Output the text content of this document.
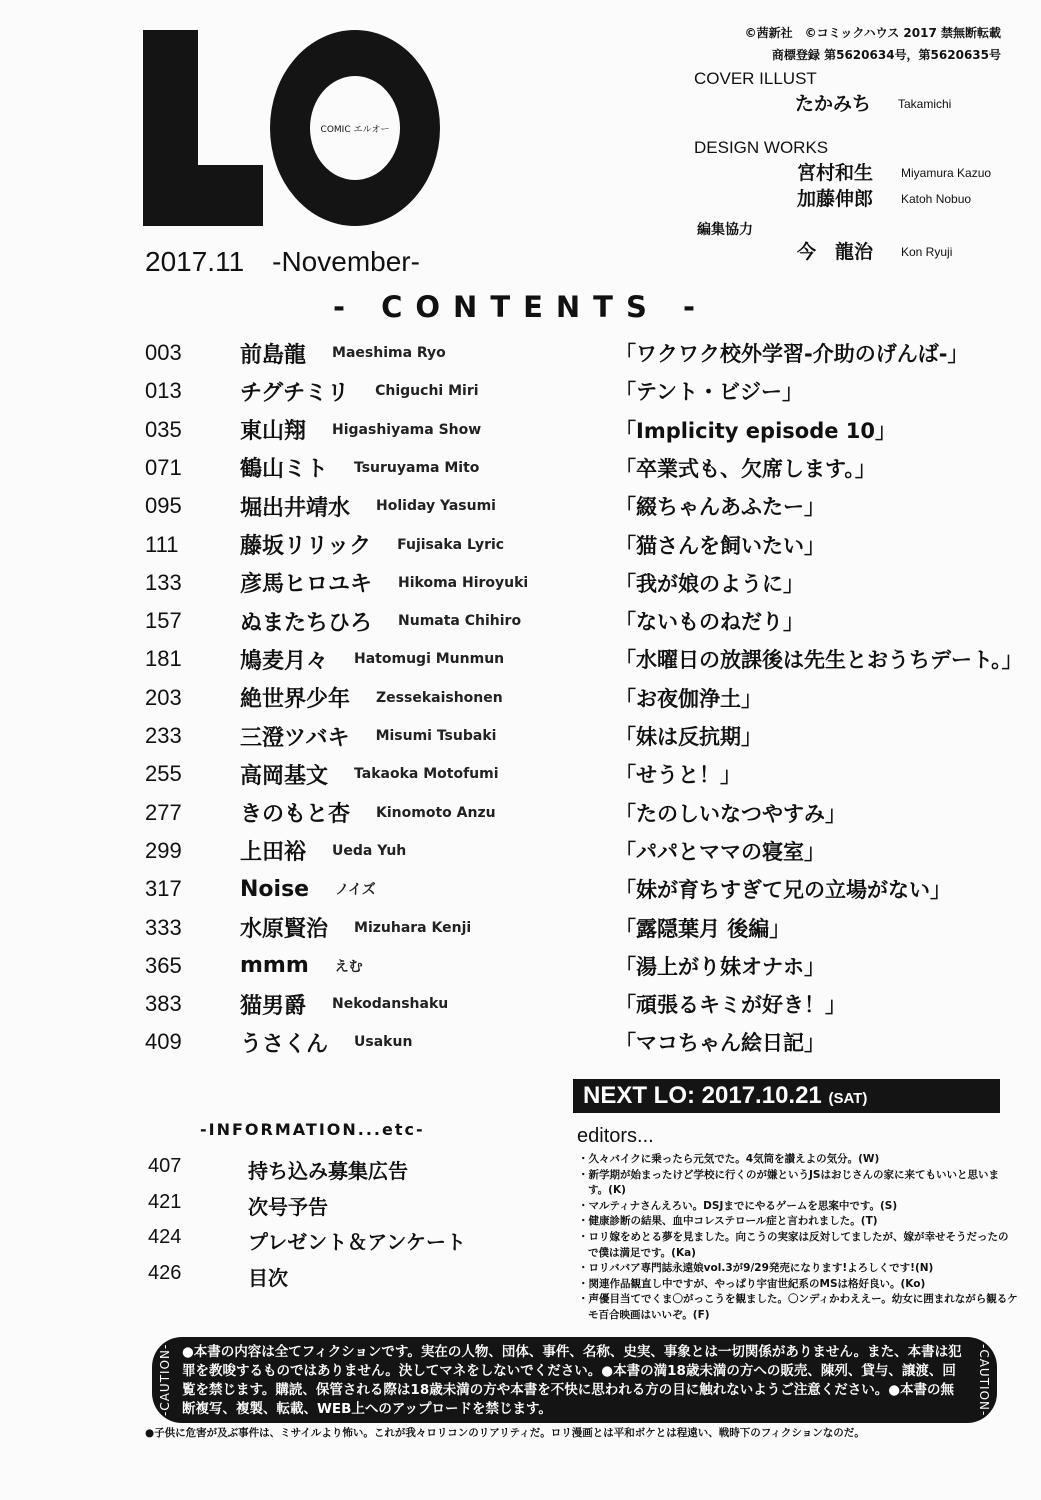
COMIC エルオー
2017.11　-November-
©茜新社　©コミックハウス 2017 禁無断転載
商標登録 第5620634号，第5620635号
COVER ILLUST
たかみち Takamichi
DESIGN WORKS
宮村和生 Miyamura Kazuo
加藤伸郎 Katoh Nobuo
編集協力
今　龍治 Kon Ryuji
- CONTENTS -
003	前島龍 Maeshima Ryo	「ワクワク校外学習-介助のげんば-」
013	チグチミリ Chiguchi Miri	「テント・ビジー」
035	東山翔 Higashiyama Show	「Implicity episode 10」
071	鶴山ミト Tsuruyama Mito	「卒業式も、欠席します。」
095	堀出井靖水 Holiday Yasumi	「綴ちゃんあふたー」
111	藤坂リリック Fujisaka Lyric	「猫さんを飼いたい」
133	彦馬ヒロユキ Hikoma Hiroyuki	「我が娘のように」
157	ぬまたちひろ Numata Chihiro	「ないものねだり」
181	鳩麦月々 Hatomugi Munmun	「水曜日の放課後は先生とおうちデート。」
203	絶世界少年 Zessekaishonen	「お夜伽浄土」
233	三澄ツバキ Misumi Tsubaki	「妹は反抗期」
255	高岡基文 Takaoka Motofumi	「せうと！」
277	きのもと杏 Kinomoto Anzu	「たのしいなつやすみ」
299	上田裕 Ueda Yuh	「パパとママの寝室」
317	Noise ノイズ	「妹が育ちすぎて兄の立場がない」
333	水原賢治 Mizuhara Kenji	「露隠葉月 後編」
365	mmm えむ	「湯上がり妹オナホ」
383	猫男爵 Nekodanshaku	「頑張るキミが好き！」
409	うさくん Usakun	「マコちゃん絵日記」
NEXT LO: 2017.10.21 (SAT)
-INFORMATION...etc-
407	持ち込み募集広告
421	次号予告
424	プレゼント＆アンケート
426	目次
editors...
・久々バイクに乗ったら元気でた。4気筒を讃えよの気分。(W)
・新学期が始まったけど学校に行くのが嫌というJSはおじさんの家に来てもいいと思います。(K)
・マルティナさんえろい。DSJまでにやるゲームを思案中です。(S)
・健康診断の結果、血中コレステロール症と言われました。(T)
・ロリ嫁をめとる夢を見ました。向こうの実家は反対してましたが、嫁が幸せそうだったので僕は満足です。(Ka)
・ロリババア専門誌永遠娘vol.3が9/29発売になります!よろしくです!(N)
・関連作品観直し中ですが、やっぱり宇宙世紀系のMSは格好良い。(Ko)
・声優目当てでくま〇がっこうを観ました。〇ンディかわええー。幼女に囲まれながら観るケモ百合映画はいいぞ。(F)
-CAUTION- ●本書の内容は全てフィクションです。実在の人物、団体、事件、名称、史実、事象とは一切関係がありません。また、本書は犯罪を教唆するものではありません。決してマネをしないでください。●本書の満18歳未満の方への販売、陳列、貸与、譲渡、回覧を禁じます。購読、保管される際は18歳未満の方や本書を不快に思われる方の目に触れないようご注意ください。●本書の無断複写、複製、転載、WEB上へのアップロードを禁じます。	-CAUTION-
●子供に危害が及ぶ事件は、ミサイルより怖い。これが我々ロリコンのリアリティだ。ロリ漫画とは平和ボケとは程遠い、戦時下のフィクションなのだ。
